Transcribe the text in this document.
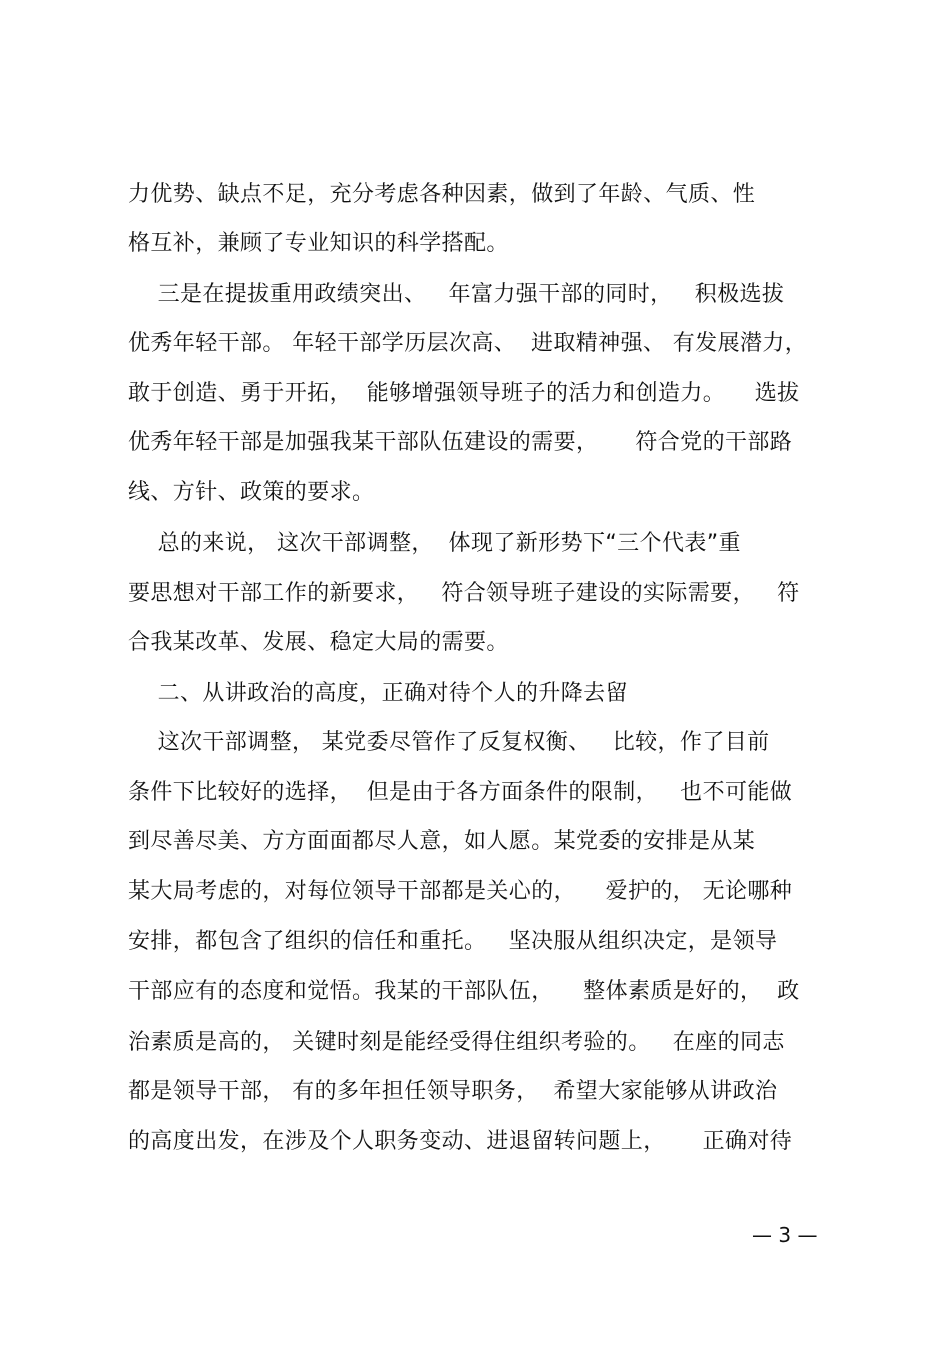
力优势、缺点不足，充分考虑各种因素，做到了年龄、气质、性
格互补，兼顾了专业知识的科学搭配。
三是在提拔重用政绩突出、   年富力强干部的同时，   积极选拔
优秀年轻干部。 年轻干部学历层次高、  进取精神强、 有发展潜力，
敢于创造、勇于开拓，  能够增强领导班子的活力和创造力。    选拔
优秀年轻干部是加强我某干部队伍建设的需要，     符合党的干部路
线、方针、政策的要求。
总的来说， 这次干部调整，  体现了新形势下“三个代表”重
要思想对干部工作的新要求，   符合领导班子建设的实际需要，   符
合我某改革、发展、稳定大局的需要。
二、从讲政治的高度，正确对待个人的升降去留
这次干部调整， 某党委尽管作了反复权衡、   比较，作了目前
条件下比较好的选择，  但是由于各方面条件的限制，   也不可能做
到尽善尽美、方方面面都尽人意，如人愿。某党委的安排是从某
某大局考虑的，对每位领导干部都是关心的，    爱护的， 无论哪种
安排，都包含了组织的信任和重托。   坚决服从组织决定，是领导
干部应有的态度和觉悟。我某的干部队伍，    整体素质是好的，  政
治素质是高的， 关键时刻是能经受得住组织考验的。   在座的同志
都是领导干部， 有的多年担任领导职务，  希望大家能够从讲政治
的高度出发，在涉及个人职务变动、进退留转问题上，     正确对待
— 3 —
